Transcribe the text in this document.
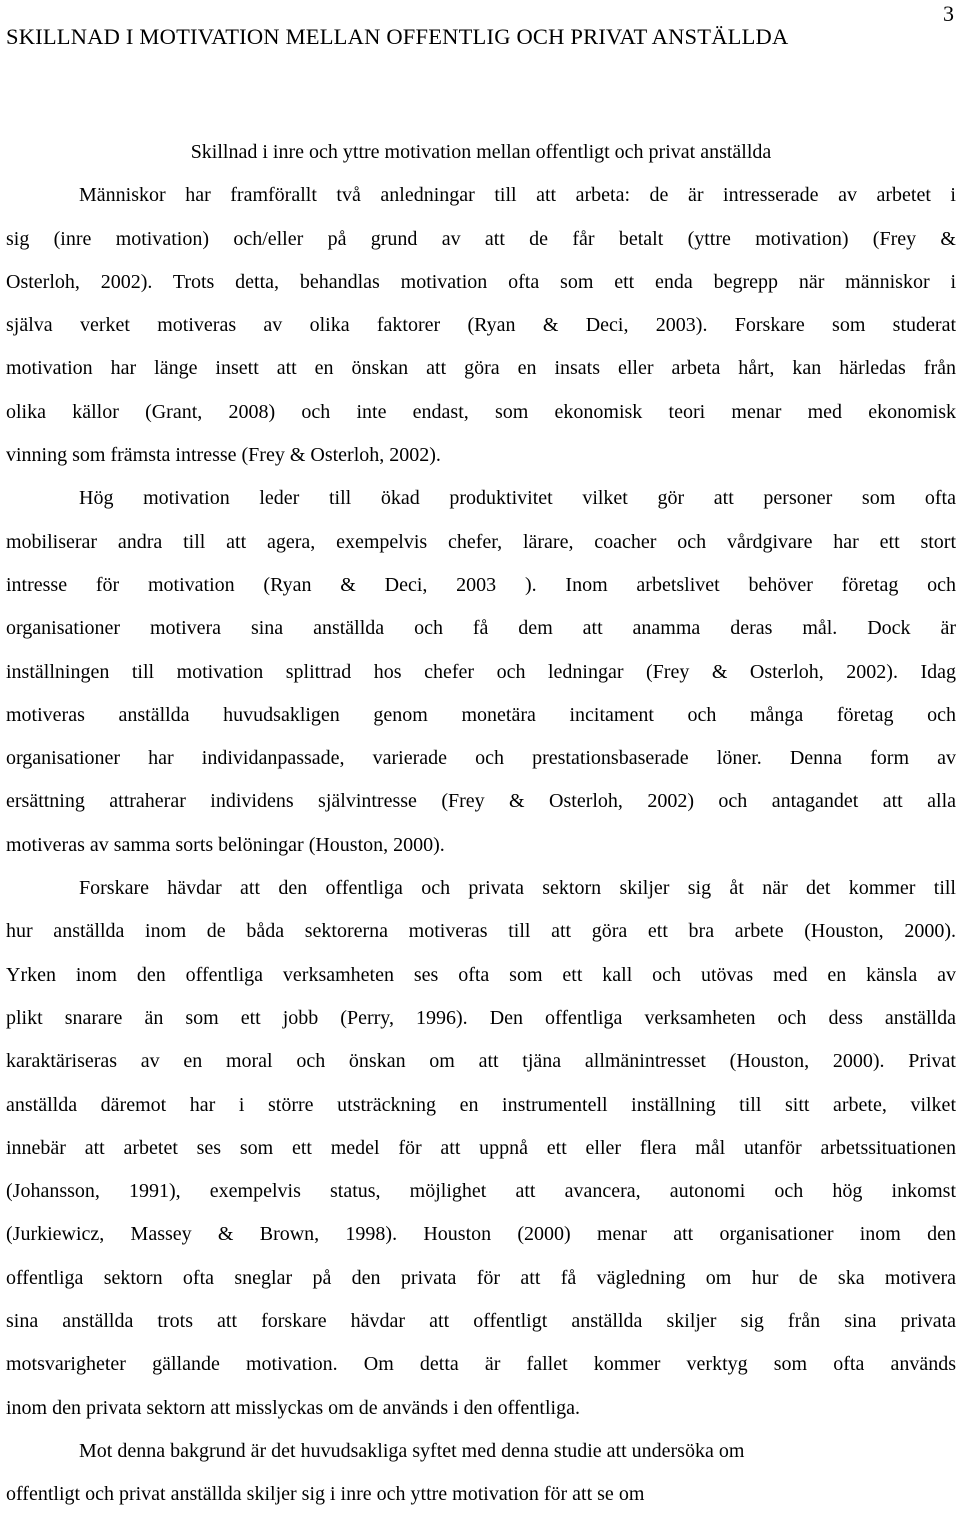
SKILLNAD I MOTIVATION MELLAN OFFENTLIG OCH PRIVAT ANSTÄLLDA
3
Skillnad i inre och yttre motivation mellan offentligt och privat anställda
Människor har framförallt två anledningar till att arbeta: de är intresserade av arbetet i
sig (inre motivation) och/eller på grund av att de får betalt (yttre motivation) (Frey &
Osterloh, 2002). Trots detta, behandlas motivation ofta som ett enda begrepp när människor i
själva verket motiveras av olika faktorer (Ryan & Deci, 2003). Forskare som studerat
motivation har länge insett att en önskan att göra en insats eller arbeta hårt, kan härledas från
olika källor (Grant, 2008) och inte endast, som ekonomisk teori menar med ekonomisk
vinning som främsta intresse (Frey & Osterloh, 2002).
Hög motivation leder till ökad produktivitet vilket gör att personer som ofta
mobiliserar andra till att agera, exempelvis chefer, lärare, coacher och vårdgivare har ett stort
intresse för motivation (Ryan & Deci, 2003 ). Inom arbetslivet behöver företag och
organisationer motivera sina anställda och få dem att anamma deras mål. Dock är
inställningen till motivation splittrad hos chefer och ledningar (Frey & Osterloh, 2002). Idag
motiveras anställda huvudsakligen genom monetära incitament och många företag och
organisationer har individanpassade, varierade och prestationsbaserade löner. Denna form av
ersättning attraherar individens självintresse (Frey & Osterloh, 2002) och antagandet att alla
motiveras av samma sorts belöningar (Houston, 2000).
Forskare hävdar att den offentliga och privata sektorn skiljer sig åt när det kommer till
hur anställda inom de båda sektorerna motiveras till att göra ett bra arbete (Houston, 2000).
Yrken inom den offentliga verksamheten ses ofta som ett kall och utövas med en känsla av
plikt snarare än som ett jobb (Perry, 1996). Den offentliga verksamheten och dess anställda
karaktäriseras av en moral och önskan om att tjäna allmänintresset (Houston, 2000). Privat
anställda däremot har i större utsträckning en instrumentell inställning till sitt arbete, vilket
innebär att arbetet ses som ett medel för att uppnå ett eller flera mål utanför arbetssituationen
(Johansson, 1991), exempelvis status, möjlighet att avancera, autonomi och hög inkomst
(Jurkiewicz, Massey & Brown, 1998). Houston (2000) menar att organisationer inom den
offentliga sektorn ofta sneglar på den privata för att få vägledning om hur de ska motivera
sina anställda trots att forskare hävdar att offentligt anställda skiljer sig från sina privata
motsvarigheter gällande motivation. Om detta är fallet kommer verktyg som ofta används
inom den privata sektorn att misslyckas om de används i den offentliga.
Mot denna bakgrund är det huvudsakliga syftet med denna studie att undersöka om
offentligt och privat anställda skiljer sig i inre och yttre motivation för att se om
